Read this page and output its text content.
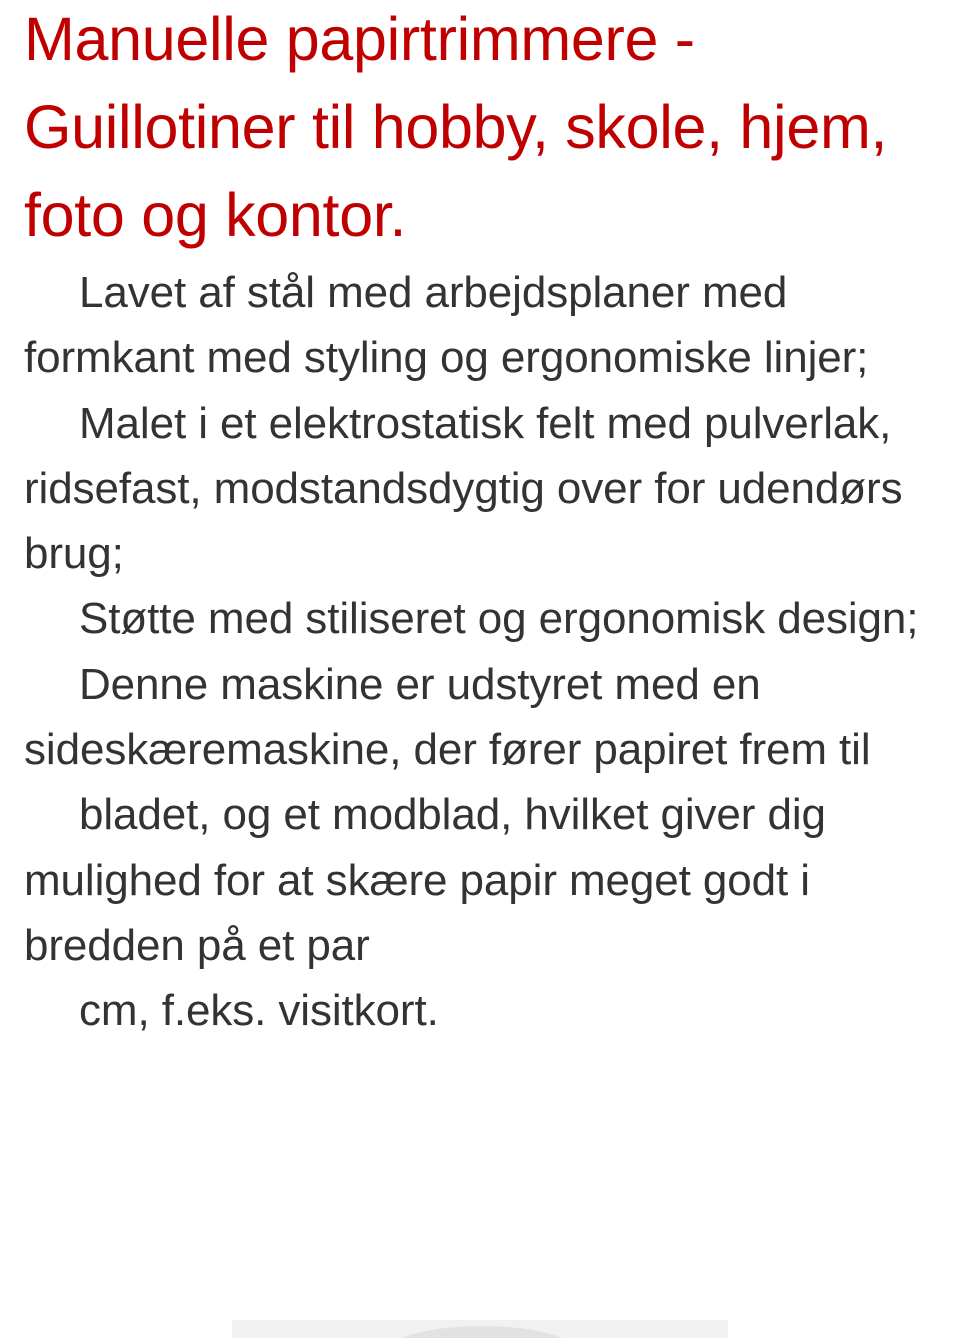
Manuelle papirtrimmere - Guillotiner til hobby, skole, hjem, foto og kontor.

Lavet af stål med arbejdsplaner med formkant med styling og ergonomiske linjer;

Malet i et elektrostatisk felt med pulverlak, ridsefast, modstandsdygtig over for udendørs brug;

Støtte med stiliseret og ergonomisk design;

Denne maskine er udstyret med en sideskæremaskine, der fører papiret frem til

bladet, og et modblad, hvilket giver dig mulighed for at skære papir meget godt i bredden på et par

cm, f.eks. visitkort.
